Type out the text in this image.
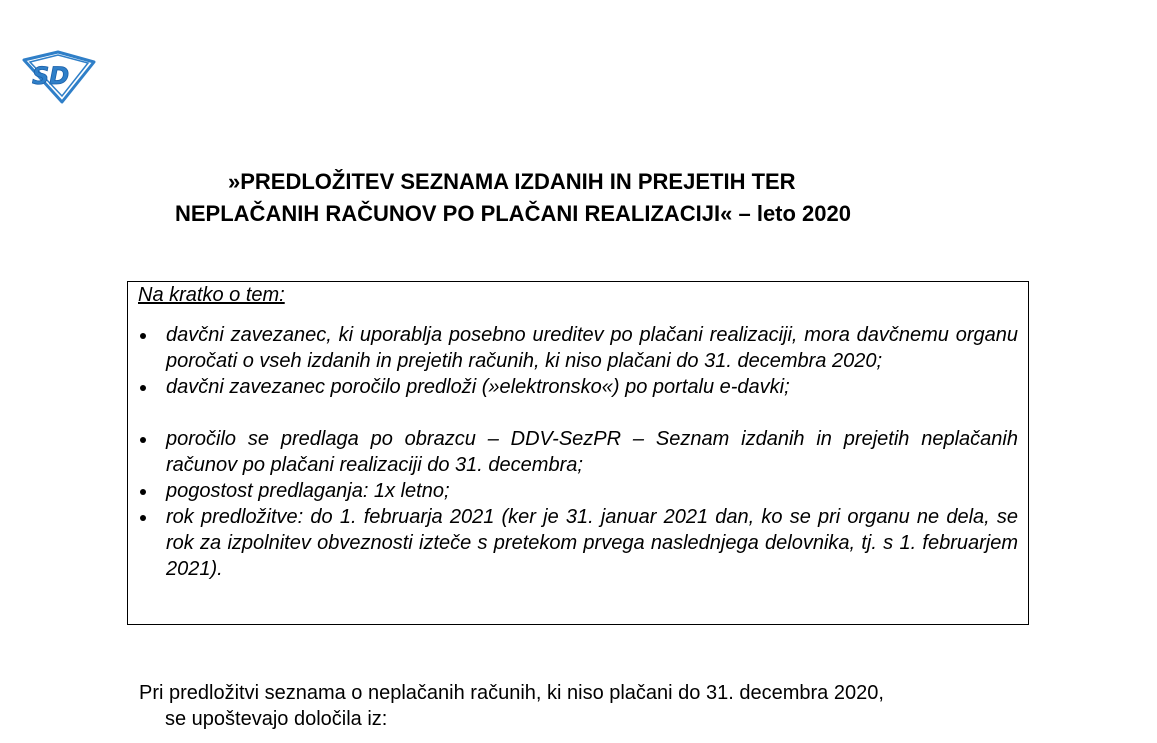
SD
»PREDLOŽITEV SEZNAMA IZDANIH IN PREJETIH TER
NEPLAČANIH RAČUNOV PO PLAČANI REALIZACIJI« – leto 2020
Na kratko o tem:
davčni zavezanec, ki uporablja posebno ureditev po plačani realizaciji, mora davčnemu organu poročati o vseh izdanih in prejetih računih, ki niso plačani do 31. decembra 2020;
davčni zavezanec poročilo predloži (»elektronsko«) po portalu e-davki;
poročilo se predlaga po obrazcu – DDV-SezPR – Seznam izdanih in prejetih neplačanih računov po plačani realizaciji do 31. decembra;
pogostost predlaganja: 1x letno;
rok predložitve: do 1. februarja 2021 (ker je 31. januar 2021 dan, ko se pri organu ne dela, se rok za izpolnitev obveznosti izteče s pretekom prvega naslednjega delovnika, tj. s 1. februarjem 2021).
Pri predložitvi seznama o neplačanih računih, ki niso plačani do 31. decembra 2020,
se upoštevajo določila iz:
